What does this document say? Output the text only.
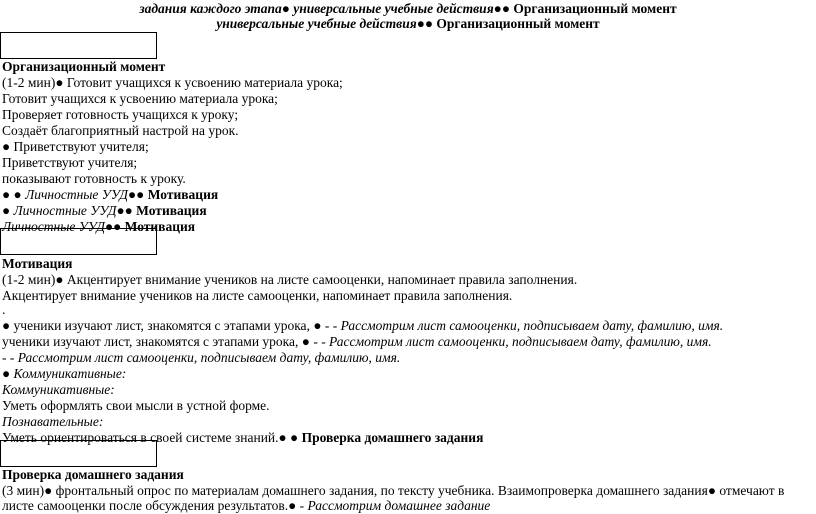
задания каждого этапа● универсальные учебные действия●● Организационный момент
универсальные учебные действия●● Организационный момент
Организационный момент
(1-2 мин)● Готовит учащихся к усвоению материала урока;
Готовит учащихся к усвоению материала урока;
Проверяет готовность учащихся к уроку;
Создаёт благоприятный настрой на урок.
● Приветствуют учителя;
Приветствуют учителя;
показывают готовность к уроку.
● ● Личностные УУД●● Мотивация
● Личностные УУД●● Мотивация
Личностные УУД●● Мотивация
Мотивация
(1-2 мин)● Акцентирует внимание учеников на листе самооценки, напоминает правила заполнения.
Акцентирует внимание учеников на листе самооценки, напоминает правила заполнения.
.
● ученики изучают лист, знакомятся с этапами урока, ● - - Рассмотрим лист самооценки, подписываем дату, фамилию, имя.
ученики изучают лист, знакомятся с этапами урока, ● - - Рассмотрим лист самооценки, подписываем дату, фамилию, имя.
- - Рассмотрим лист самооценки, подписываем дату, фамилию, имя.
● Коммуникативные:
Коммуникативные:
Уметь оформлять свои мысли в устной форме.
Познавательные:
Уметь ориентироваться в своей системе знаний.● ● Проверка домашнего задания
Проверка домашнего задания
(3 мин)● фронтальный опрос по материалам домашнего задания, по тексту учебника. Взаимопроверка домашнего задания● отмечают в
листе самооценки после обсуждения результатов.● - Рассмотрим домашнее задание
